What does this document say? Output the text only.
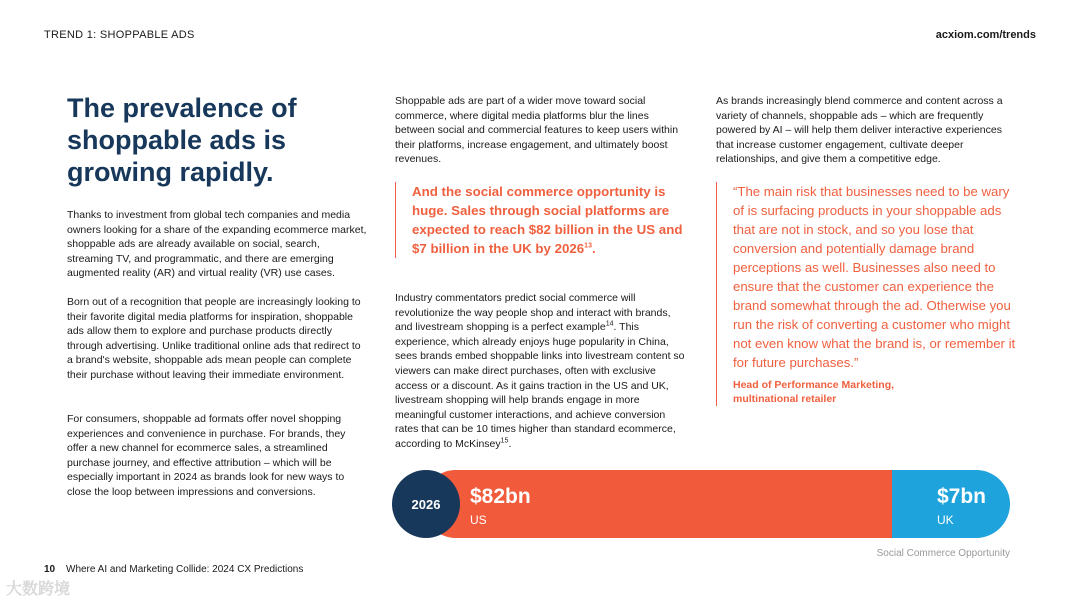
TREND 1: SHOPPABLE ADS	acxiom.com/trends
The prevalence of shoppable ads is growing rapidly.

Thanks to investment from global tech companies and media owners looking for a share of the expanding ecommerce market, shoppable ads are already available on social, search, streaming TV, and programmatic, and there are emerging augmented reality (AR) and virtual reality (VR) use cases.

Born out of a recognition that people are increasingly looking to their favorite digital media platforms for inspiration, shoppable ads allow them to explore and purchase products directly through advertising. Unlike traditional online ads that redirect to a brand's website, shoppable ads mean people can complete their purchase without leaving their immediate environment.

For consumers, shoppable ad formats offer novel shopping experiences and convenience in purchase. For brands, they offer a new channel for ecommerce sales, a streamlined purchase journey, and effective attribution – which will be especially important in 2024 as brands look for new ways to close the loop between impressions and conversions.

Shoppable ads are part of a wider move toward social commerce, where digital media platforms blur the lines between social and commercial features to keep users within their platforms, increase engagement, and ultimately boost revenues.

And the social commerce opportunity is huge. Sales through social platforms are expected to reach $82 billion in the US and $7 billion in the UK by 2026$^{13}$.

Industry commentators predict social commerce will revolutionize the way people shop and interact with brands, and livestream shopping is a perfect example$^{14}$. This experience, which already enjoys huge popularity in China, sees brands embed shoppable links into livestream content so viewers can make direct purchases, often with exclusive access or a discount. As it gains traction in the US and UK, livestream shopping will help brands engage in more meaningful customer interactions, and achieve conversion rates that can be 10 times higher than standard ecommerce, according to McKinsey$^{15}$.

As brands increasingly blend commerce and content across a variety of channels, shoppable ads – which are frequently powered by AI – will help them deliver interactive experiences that increase customer engagement, cultivate deeper relationships, and give them a competitive edge.

“The main risk that businesses need to be wary of is surfacing products in your shoppable ads that are not in stock, and so you lose that conversion and potentially damage brand perceptions as well. Businesses also need to ensure that the customer can experience the brand somewhat through the ad. Otherwise you run the risk of converting a customer who might not even know what the brand is, or remember it for future purchases.”
Head of Performance Marketing,
multinational retailer
2026	$82bn
US
$7bn
UK
Social Commerce Opportunity
10 Where AI and Marketing Collide: 2024 CX Predictions
大数跨境
